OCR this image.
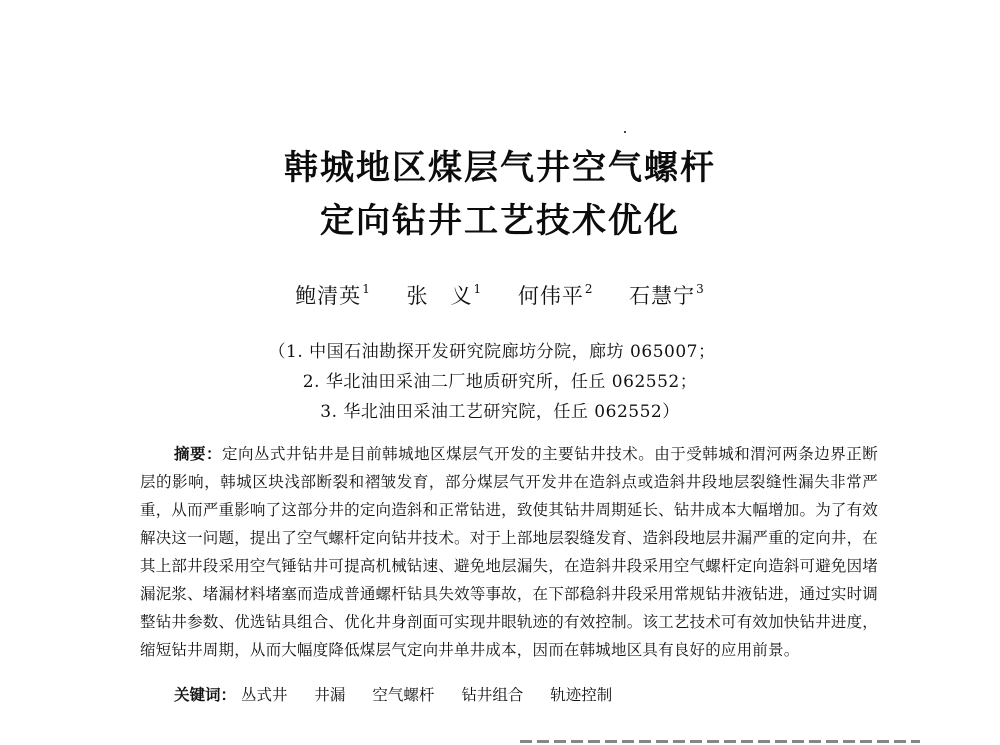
韩城地区煤层气井空气螺杆
定向钻井工艺技术优化
鲍清英$^1$ 张　义$^1$ 何伟平$^2$ 石慧宁$^3$
（1. 中国石油勘探开发研究院廊坊分院，廊坊 065007；
2. 华北油田采油二厂地质研究所，任丘 062552；
3. 华北油田采油工艺研究院，任丘 062552）
摘要：定向丛式井钻井是目前韩城地区煤层气开发的主要钻井技术。由于受韩城和渭河两条边界正断层的影响，韩城区块浅部断裂和褶皱发育，部分煤层气开发井在造斜点或造斜井段地层裂缝性漏失非常严重，从而严重影响了这部分井的定向造斜和正常钻进，致使其钻井周期延长、钻井成本大幅增加。为了有效解决这一问题，提出了空气螺杆定向钻井技术。对于上部地层裂缝发育、造斜段地层井漏严重的定向井，在其上部井段采用空气锤钻井可提高机械钻速、避免地层漏失，在造斜井段采用空气螺杆定向造斜可避免因堵漏泥浆、堵漏材料堵塞而造成普通螺杆钻具失效等事故，在下部稳斜井段采用常规钻井液钻进，通过实时调整钻井参数、优选钻具组合、优化井身剖面可实现井眼轨迹的有效控制。该工艺技术可有效加快钻井进度，缩短钻井周期，从而大幅度降低煤层气定向井单井成本，因而在韩城地区具有良好的应用前景。
关键词： 丛式井 井漏 空气螺杆 钻井组合 轨迹控制
